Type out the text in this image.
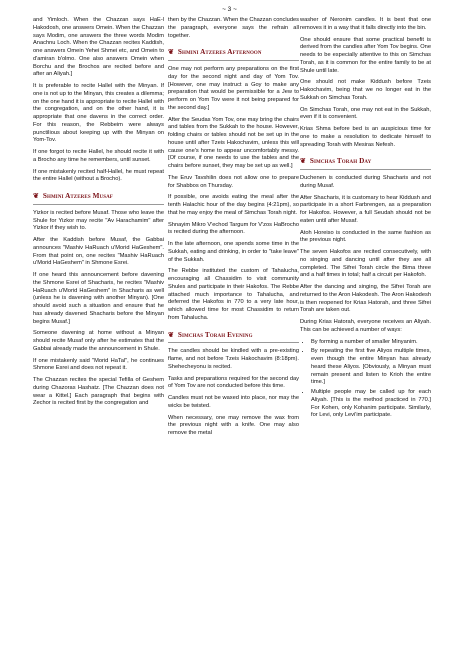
~ 3 ~

and Yimloch. When the Chazzan says HaE-l Hakodosh, one answers Omein. When the Chazzan says Modim, one answers the three words Modim Anachnu Loch. When the Chazzan recites Kaddish, one answers Omein Yehei Shmei etc, and Omein to d'amiran b'olmo. One also answers Omein when Borchu and the Brochos are recited before and after an Aliyah.]

It is preferable to recite Hallel with the Minyan. If one is not up to the Minyan, this creates a dilemma; on the one hand it is appropriate to recite Hallel with the congregation, and on the other hand, it is appropriate that one davens in the correct order. For this reason, the Rebbeim were always punctilious about keeping up with the Minyan on Yom-Tov.

If one forgot to recite Hallel, he should recite it with a Brocho any time he remembers, until sunset.

If one mistakenly recited half-Hallel, he must repeat the entire Hallel (without a Brocho).

❦ Shmini Atzeres Musaf

Yizkor is recited before Musaf. Those who leave the Shule for Yizkor may recite "Av Harachamim" after Yizkor if they wish to.

After the Kaddish before Musaf, the Gabbai announces "Mashiv HaRuach u'Morid HaGeshem". From that point on, one recites "Mashiv HaRuach u'Morid HaGeshem" in Shmone Esrei.

If one heard this announcement before davening the Shmone Esrei of Shacharis, he recites "Mashiv HaRuach u'Morid HaGeshem" in Shacharis as well (unless he is davening with another Minyan). [One should avoid such a situation and ensure that he has already davened Shacharis before the Minyan begins Musaf.]

Someone davening at home without a Minyan should recite Musaf only after he estimates that the Gabbai already made the announcement in Shule.

If one mistakenly said "Morid HaTal", he continues Shmone Esrei and does not repeat it.

The Chazzan recites the special Tefilla of Geshem during Chazoras Hashatz. [The Chazzan does not wear a Kittel.] Each paragraph that begins with Zechor is recited first by the congregation and

then by the Chazzan. When the Chazzan concludes the paragraph, everyone says the refrain all together.

❦ Shmini Atzeres Afternoon

One may not perform any preparations on the first day for the second night and day of Yom Tov. [However, one may instruct a Goy to make any preparation that would be permissible for a Jew to perform on Yom Tov were it not being prepared for the second day.]

After the Seudas Yom Tov, one may bring the chairs and tables from the Sukkah to the house. However, folding chairs or tables should not be set up in the house until after Tzeis Hakochavim, unless this will cause one's home to appear uncomfortably messy. [Of course, if one needs to use the tables and the chairs before sunset, they may be set up as well.]

The Eruv Tavshilin does not allow one to prepare for Shabbos on Thursday.

If possible, one avoids eating the meal after the tenth Halachic hour of the day begins (4:21pm), so that he may enjoy the meal of Simchas Torah night.

Shnayim Mikro V'echod Targum for V'zos HaBrocho is recited during the afternoon.

In the late afternoon, one spends some time in the Sukkah, eating and drinking, in order to "take leave" of the Sukkah.

The Rebbe instituted the custom of Tahalucha, encouraging all Chassidim to visit community Shules and participate in their Hakofos. The Rebbe attached much importance to Tahalucha, and deferred the Hakofos in 770 to a very late hour, which allowed time for most Chassidim to return from Tahalucha.

❦ Simchas Torah Evening

The candles should be kindled with a pre-existing flame, and not before Tzeis Hakochavim (8:18pm). Shehecheyonu is recited.

Tasks and preparations required for the second day of Yom Tov are not conducted before this time.

Candles must not be waxed into place, nor may the wicks be twisted.

When necessary, one may remove the wax from the previous night with a knife. One may also remove the metal

washer of Neronim candles. It is best that one removes it in a way that it falls directly into the bin.

One should ensure that some practical benefit is derived from the candles after Yom Tov begins. One needs to be especially attentive to this on Simchas Torah, as it is common for the entire family to be at Shule until late.

One should not make Kiddush before Tzeis Hakochavim, being that we no longer eat in the Sukkah on Simchas Torah.

On Simchas Torah, one may not eat in the Sukkah, even if it is convenient.

Krias Shma before bed is an auspicious time for one to make a resolution to dedicate himself to spreading Torah with Mesiras Nefesh.

❦ Simchas Torah Day

Duchenen is conducted during Shacharis and not during Musaf.

After Shacharis, it is customary to hear Kiddush and participate in a short Farbrengen, as a preparation for Hakofos. However, a full Seudah should not be eaten until after Musaf.

Atoh Horeiso is conducted in the same fashion as the previous night.

The seven Hakofos are recited consecutively, with no singing and dancing until after they are all completed. The Sifrei Torah circle the Bima three and a half times in total; half a circuit per Hakofoh.

After the dancing and singing, the Sifrei Torah are returned to the Aron Hakodesh. The Aron Hakodesh is then reopened for Krias Hatorah, and three Sifrei Torah are taken out.

During Krias Hatorah, everyone receives an Aliyah. This can be achieved a number of ways:

• By forming a number of smaller Minyanim.
• By repeating the first five Aliyos multiple times, even though the entire Minyan has already heard these Aliyos. [Obviously, a Minyan must remain present and listen to Krioh the entire time.]
• Multiple people may be called up for each Aliyah. [This is the method practiced in 770.] For Kohen, only Kohanim participate. Similarly, for Levi, only Levi'im participate.
